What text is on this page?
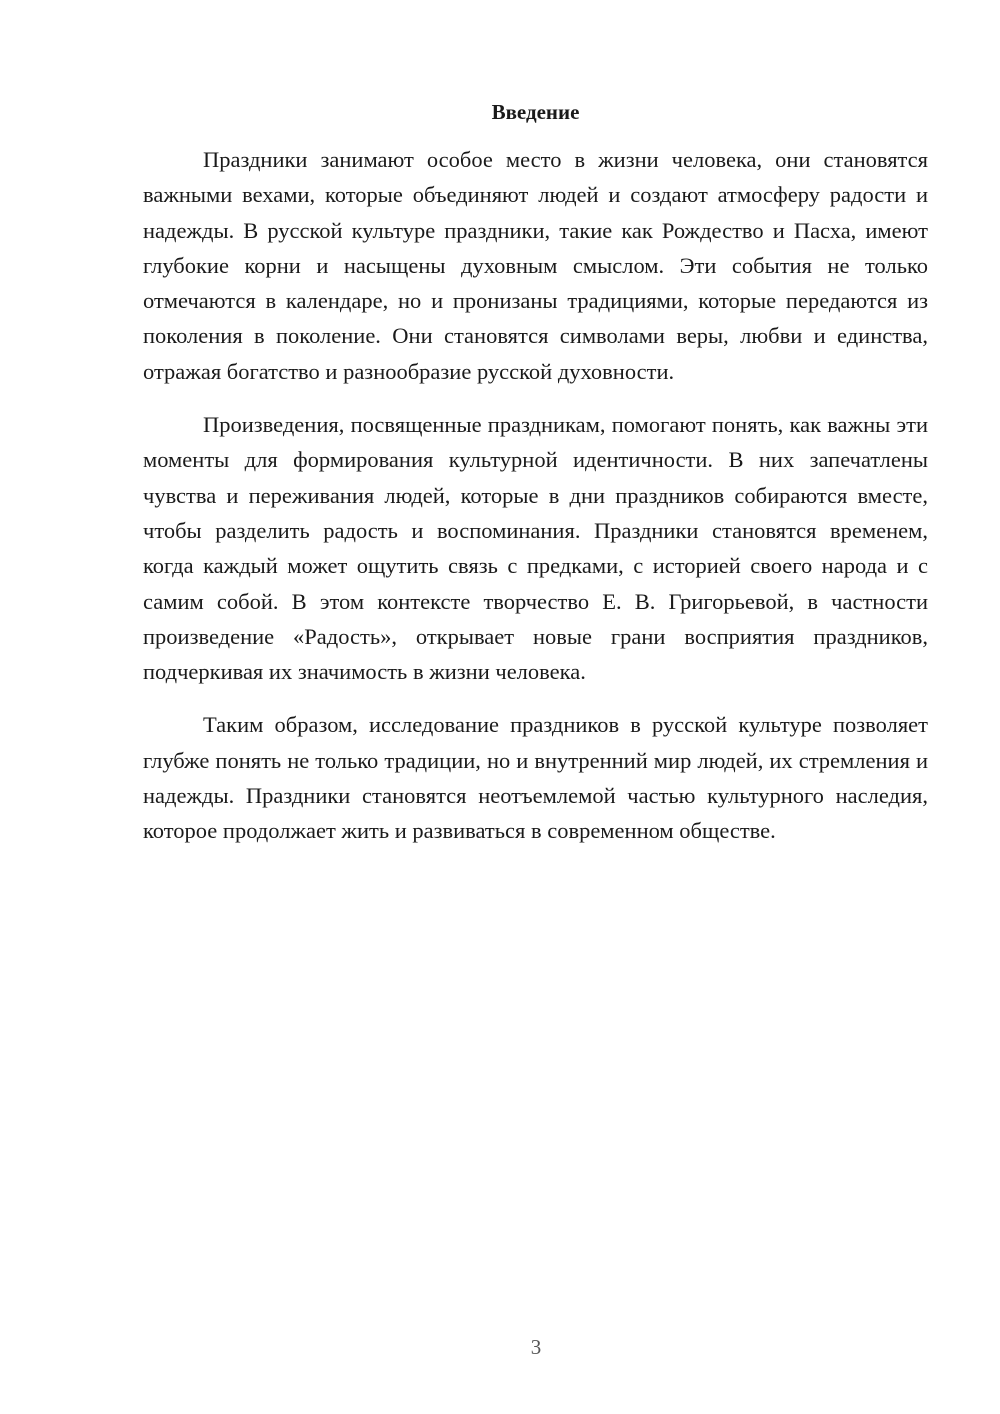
Введение

Праздники занимают особое место в жизни человека, они становятся важными вехами, которые объединяют людей и создают атмосферу радости и надежды. В русской культуре праздники, такие как Рождество и Пасха, имеют глубокие корни и насыщены духовным смыслом. Эти события не только отмечаются в календаре, но и пронизаны традициями, которые передаются из поколения в поколение. Они становятся символами веры, любви и единства, отражая богатство и разнообразие русской духовности.

Произведения, посвященные праздникам, помогают понять, как важны эти моменты для формирования культурной идентичности. В них запечатлены чувства и переживания людей, которые в дни праздников собираются вместе, чтобы разделить радость и воспоминания. Праздники становятся временем, когда каждый может ощутить связь с предками, с историей своего народа и с самим собой. В этом контексте творчество Е. В. Григорьевой, в частности произведение «Радость», открывает новые грани восприятия праздников, подчеркивая их значимость в жизни человека.

Таким образом, исследование праздников в русской культуре позволяет глубже понять не только традиции, но и внутренний мир людей, их стремления и надежды. Праздники становятся неотъемлемой частью культурного наследия, которое продолжает жить и развиваться в современном обществе.

3
